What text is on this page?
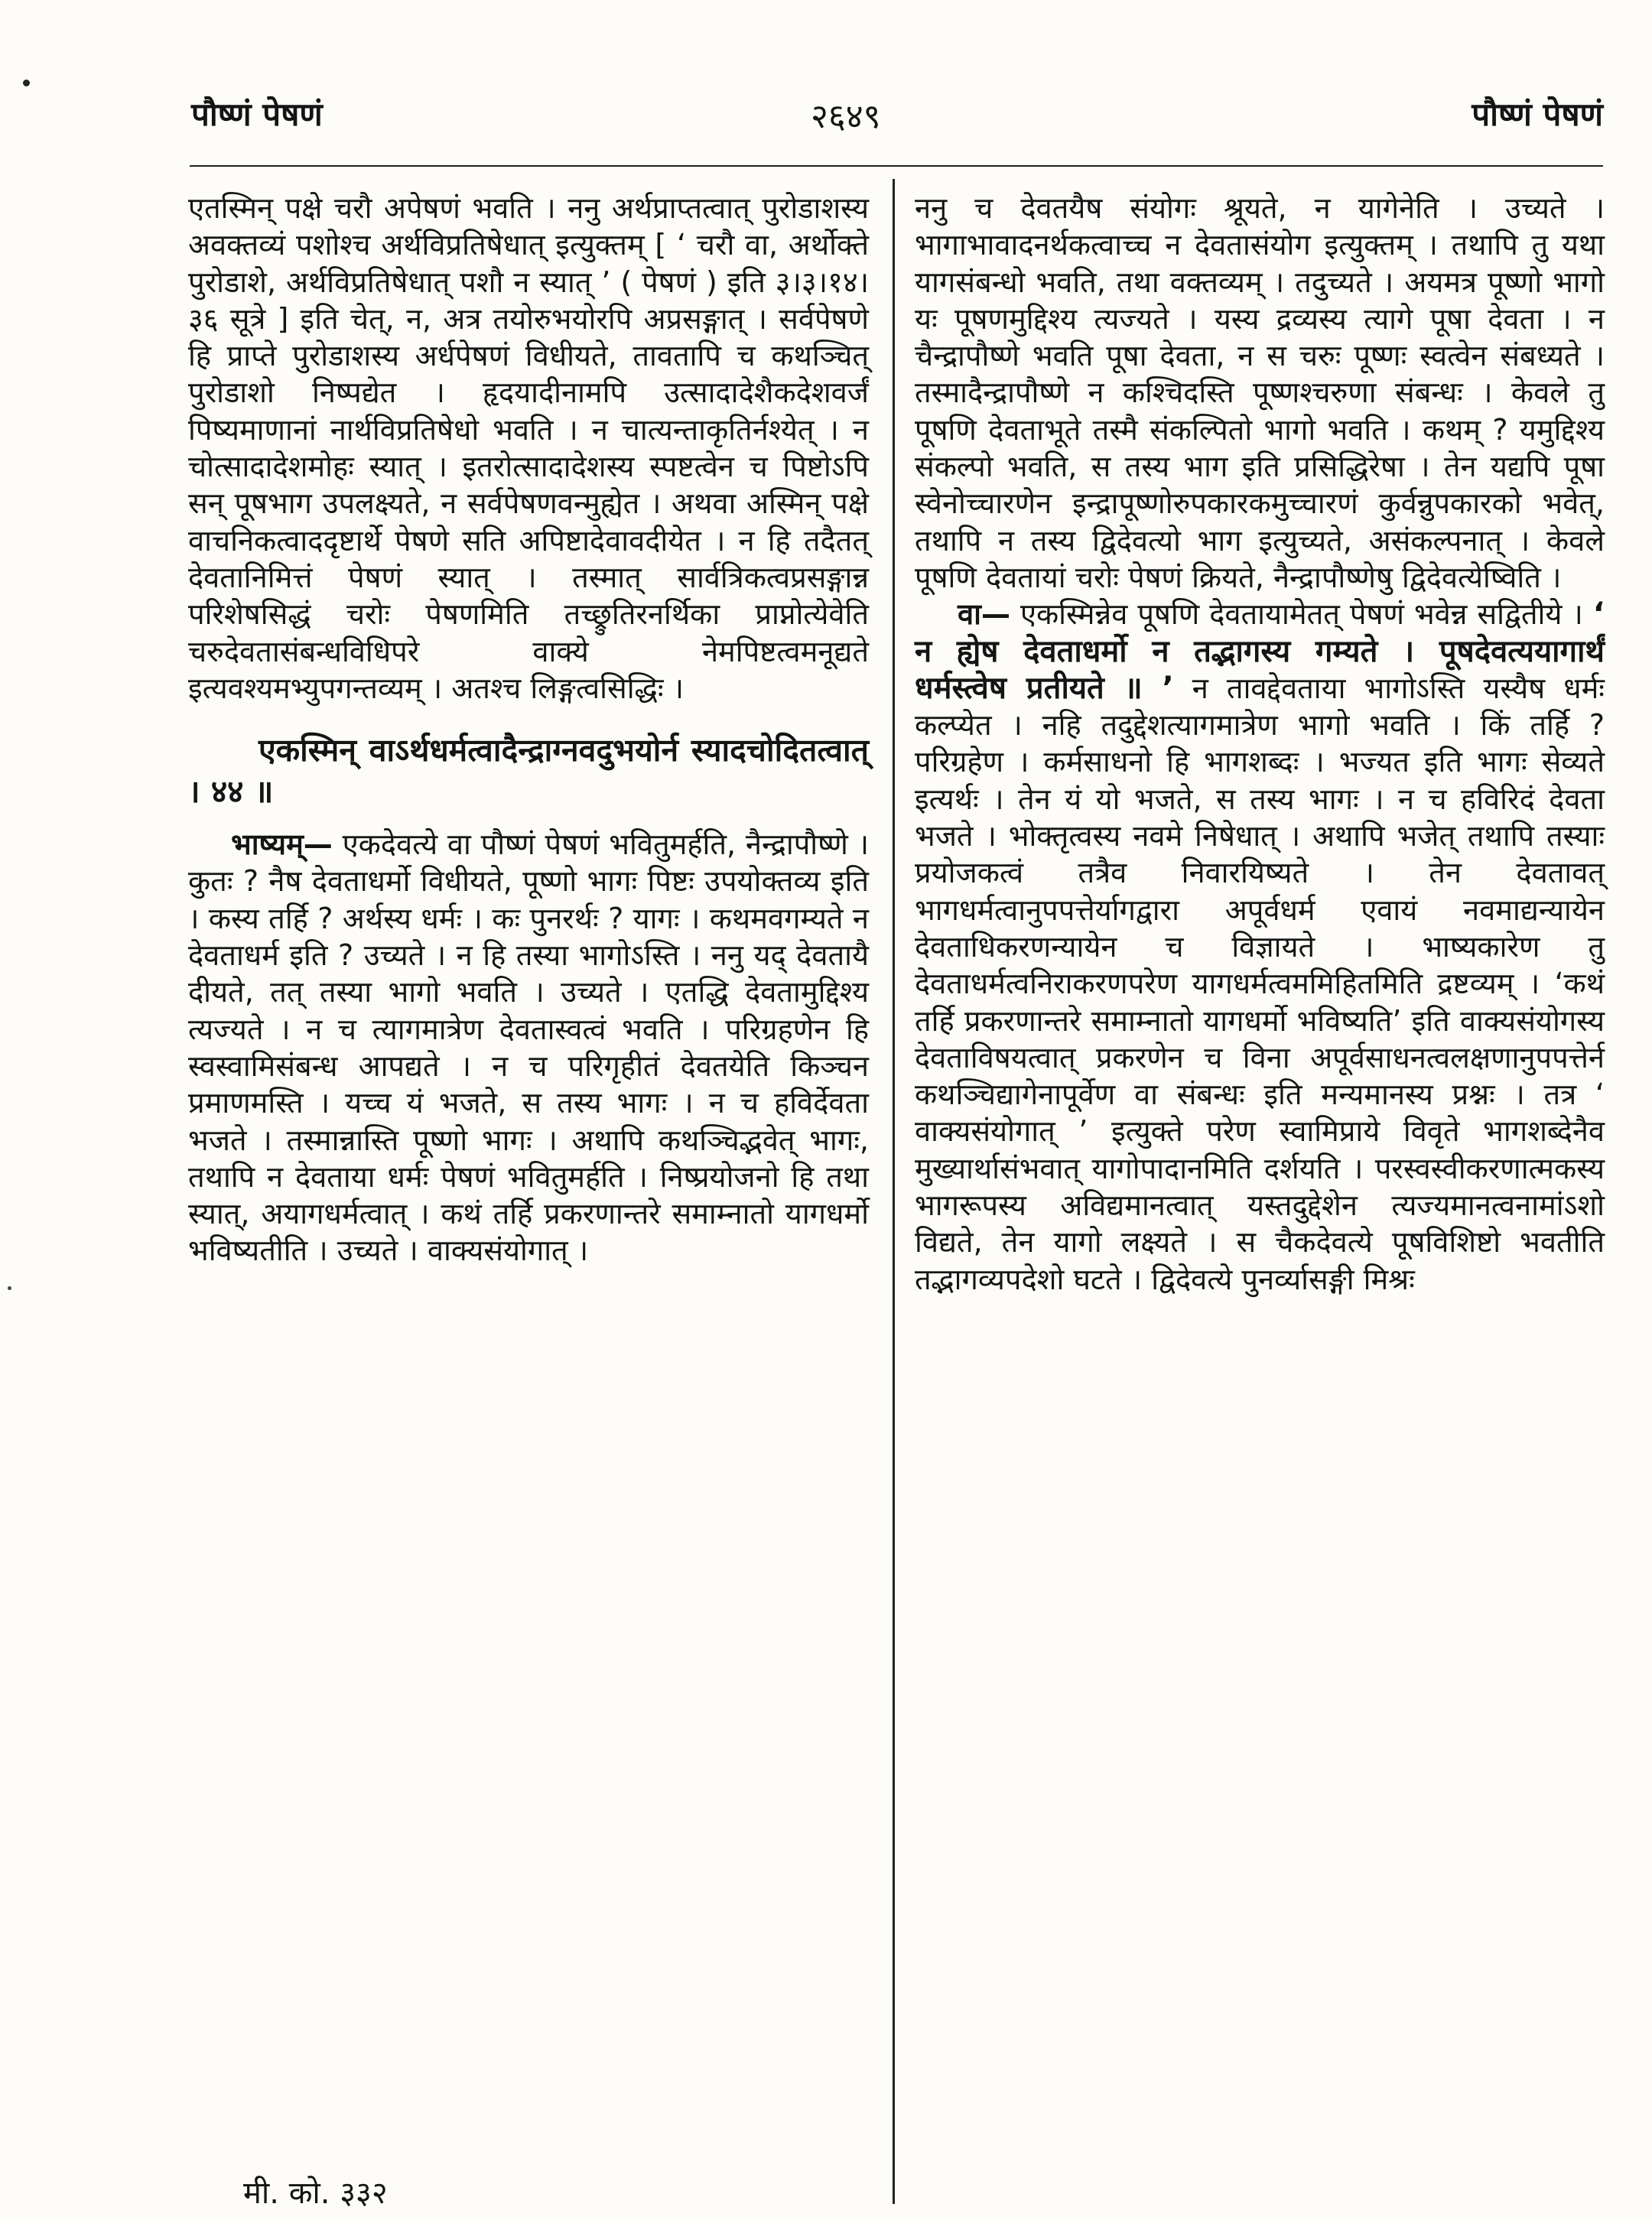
पौष्णं पेषणं	२६४९	पौष्णं पेषणं

एतस्मिन् पक्षे चरौ अपेषणं भवति । ननु अर्थप्राप्तत्वात् पुरोडाशस्य अवक्तव्यं पशोश्च अर्थविप्रतिषेधात् इत्युक्तम् [ ‘ चरौ वा, अर्थोक्ते पुरोडाशे, अर्थविप्रतिषेधात् पशौ न स्यात् ’ ( पेषणं ) इति ३।३।१४।३६ सूत्रे ] इति चेत्, न, अत्र तयोरुभयोरपि अप्रसङ्गात् । सर्वपेषणे हि प्राप्ते पुरोडाशस्य अर्धपेषणं विधीयते, तावतापि च कथञ्चित् पुरोडाशो निष्पद्येत । हृदयादीनामपि उत्सादादेशैकदेशवर्जं पिष्यमाणानां नार्थविप्रतिषेधो भवति । न चात्यन्ताकृतिर्नश्येत् । न चोत्सादादेशमोहः स्यात् । इतरोत्सादादेशस्य स्पष्टत्वेन च पिष्टोऽपि सन् पूषभाग उपलक्ष्यते, न सर्वपेषणवन्मुह्येत । अथवा अस्मिन् पक्षे वाचनिकत्वाददृष्टार्थे पेषणे सति अपिष्टादेवावदीयेत । न हि तदैतत् देवतानिमित्तं पेषणं स्यात् । तस्मात् सार्वत्रिकत्वप्रसङ्गान्न परिशेषसिद्धं चरोः पेषणमिति तच्छ्रुतिरनर्थिका प्राप्नोत्येवेति चरुदेवतासंबन्धविधिपरे वाक्ये नेमपिष्टत्वमनूद्यते इत्यवश्यमभ्युपगन्तव्यम् । अतश्च लिङ्गत्वसिद्धिः ।

एकस्मिन् वाऽर्थधर्मत्वादैन्द्राग्नवदुभयोर्न स्यादचोदितत्वात् । ४४ ॥

भाष्यम्— एकदेवत्ये वा पौष्णं पेषणं भवितुमर्हति, नैन्द्रापौष्णे । कुतः ? नैष देवताधर्मो विधीयते, पूष्णो भागः पिष्टः उपयोक्तव्य इति । कस्य तर्हि ? अर्थस्य धर्मः । कः पुनरर्थः ? यागः । कथमवगम्यते न देवताधर्म इति ? उच्यते । न हि तस्या भागोऽस्ति । ननु यद् देवतायै दीयते, तत् तस्या भागो भवति । उच्यते । एतद्धि देवतामुद्दिश्य त्यज्यते । न च त्यागमात्रेण देवतास्वत्वं भवति । परिग्रहणेन हि स्वस्वामिसंबन्ध आपद्यते । न च परिगृहीतं देवतयेति किञ्चन प्रमाणमस्ति । यच्च यं भजते, स तस्य भागः । न च हविर्देवता भजते । तस्मान्नास्ति पूष्णो भागः । अथापि कथञ्चिद्भवेत् भागः, तथापि न देवताया धर्मः पेषणं भवितुमर्हति । निष्प्रयोजनो हि तथा स्यात्, अयागधर्मत्वात् । कथं तर्हि प्रकरणान्तरे समाम्नातो यागधर्मो भविष्यतीति । उच्यते । वाक्यसंयोगात् ।

ननु च देवतयैष संयोगः श्रूयते, न यागेनेति । उच्यते । भागाभावादनर्थकत्वाच्च न देवतासंयोग इत्युक्तम् । तथापि तु यथा यागसंबन्धो भवति, तथा वक्तव्यम् । तदुच्यते । अयमत्र पूष्णो भागो यः पूषणमुद्दिश्य त्यज्यते । यस्य द्रव्यस्य त्यागे पूषा देवता । न चैन्द्रापौष्णे भवति पूषा देवता, न स चरुः पूष्णः स्वत्वेन संबध्यते । तस्मादैन्द्रापौष्णे न कश्चिदस्ति पूष्णश्चरुणा संबन्धः । केवले तु पूषणि देवताभूते तस्मै संकल्पितो भागो भवति । कथम् ? यमुद्दिश्य संकल्पो भवति, स तस्य भाग इति प्रसिद्धिरेषा । तेन यद्यपि पूषा स्वेनोच्चारणेन इन्द्रापूष्णोरुपकारकमुच्चारणं कुर्वन्नुपकारको भवेत्, तथापि न तस्य द्विदेवत्यो भाग इत्युच्यते, असंकल्पनात् । केवले पूषणि देवतायां चरोः पेषणं क्रियते, नैन्द्रापौष्णेषु द्विदेवत्येष्विति ।

वा— एकस्मिन्नेव पूषणि देवतायामेतत् पेषणं भवेन्न सद्वितीये । ‘ न ह्येष देवताधर्मो न तद्भागस्य गम्यते । पूषदेवत्ययागार्थं धर्मस्त्वेष प्रतीयते ॥ ’ न तावद्देवताया भागोऽस्ति यस्यैष धर्मः कल्प्येत । नहि तदुद्देशत्यागमात्रेण भागो भवति । किं तर्हि ? परिग्रहेण । कर्मसाधनो हि भागशब्दः । भज्यत इति भागः सेव्यते इत्यर्थः । तेन यं यो भजते, स तस्य भागः । न च हविरिदं देवता भजते । भोक्तृत्वस्य नवमे निषेधात् । अथापि भजेत् तथापि तस्याः प्रयोजकत्वं तत्रैव निवारयिष्यते । तेन देवतावत् भागधर्मत्वानुपपत्तेर्यागद्वारा अपूर्वधर्म एवायं नवमाद्यन्यायेन देवताधिकरणन्यायेन च विज्ञायते । भाष्यकारेण तु देवताधर्मत्वनिराकरणपरेण यागधर्मत्वममिहितमिति द्रष्टव्यम् । ‘कथं तर्हि प्रकरणान्तरे समाम्नातो यागधर्मो भविष्यति’ इति वाक्यसंयोगस्य देवताविषयत्वात् प्रकरणेन च विना अपूर्वसाधनत्वलक्षणानुपपत्तेर्न कथञ्चिद्यागेनापूर्वेण वा संबन्धः इति मन्यमानस्य प्रश्नः । तत्र ‘ वाक्यसंयोगात् ’ इत्युक्ते परेण स्वामिप्राये विवृते भागशब्देनैव मुख्यार्थासंभवात् यागोपादानमिति दर्शयति । परस्वस्वीकरणात्मकस्य भागरूपस्य अविद्यमानत्वात् यस्तदुद्देशेन त्यज्यमानत्वनामांऽशो विद्यते, तेन यागो लक्ष्यते । स चैकदेवत्ये पूषविशिष्टो भवतीति तद्भागव्यपदेशो घटते । द्विदेवत्ये पुनर्व्यासङ्गी मिश्रः

मी. को. ३३२
